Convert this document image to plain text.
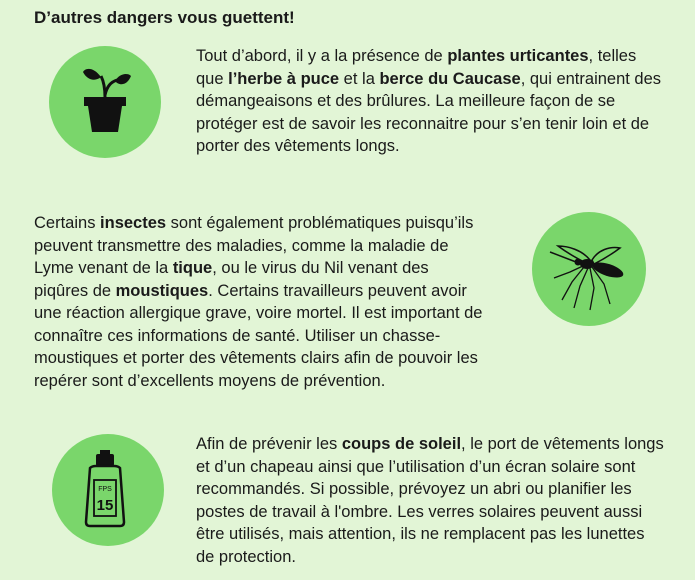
D’autres dangers vous guettent!

Tout d’abord, il y a la présence de plantes urticantes, telles que l’herbe à puce et la berce du Caucase, qui entrainent des démangeaisons et des brûlures. La meilleure façon de se protéger est de savoir les reconnaitre pour s’en tenir loin et de porter des vêtements longs.

Certains insectes sont également problématiques puisqu’ils peuvent transmettre des maladies, comme la maladie de Lyme venant de la tique, ou le virus du Nil venant des piqûres de moustiques. Certains travailleurs peuvent avoir une réaction allergique grave, voire mortel. Il est important de connaître ces informations de santé. Utiliser un chasse-moustiques et porter des vêtements clairs afin de pouvoir les repérer sont d’excellents moyens de prévention.

FPS
15

Afin de prévenir les coups de soleil, le port de vêtements longs et d’un chapeau ainsi que l’utilisation d’un écran solaire sont recommandés. Si possible, prévoyez un abri ou planifier les postes de travail à l'ombre. Les verres solaires peuvent aussi être utilisés, mais attention, ils ne remplacent pas les lunettes de protection.
